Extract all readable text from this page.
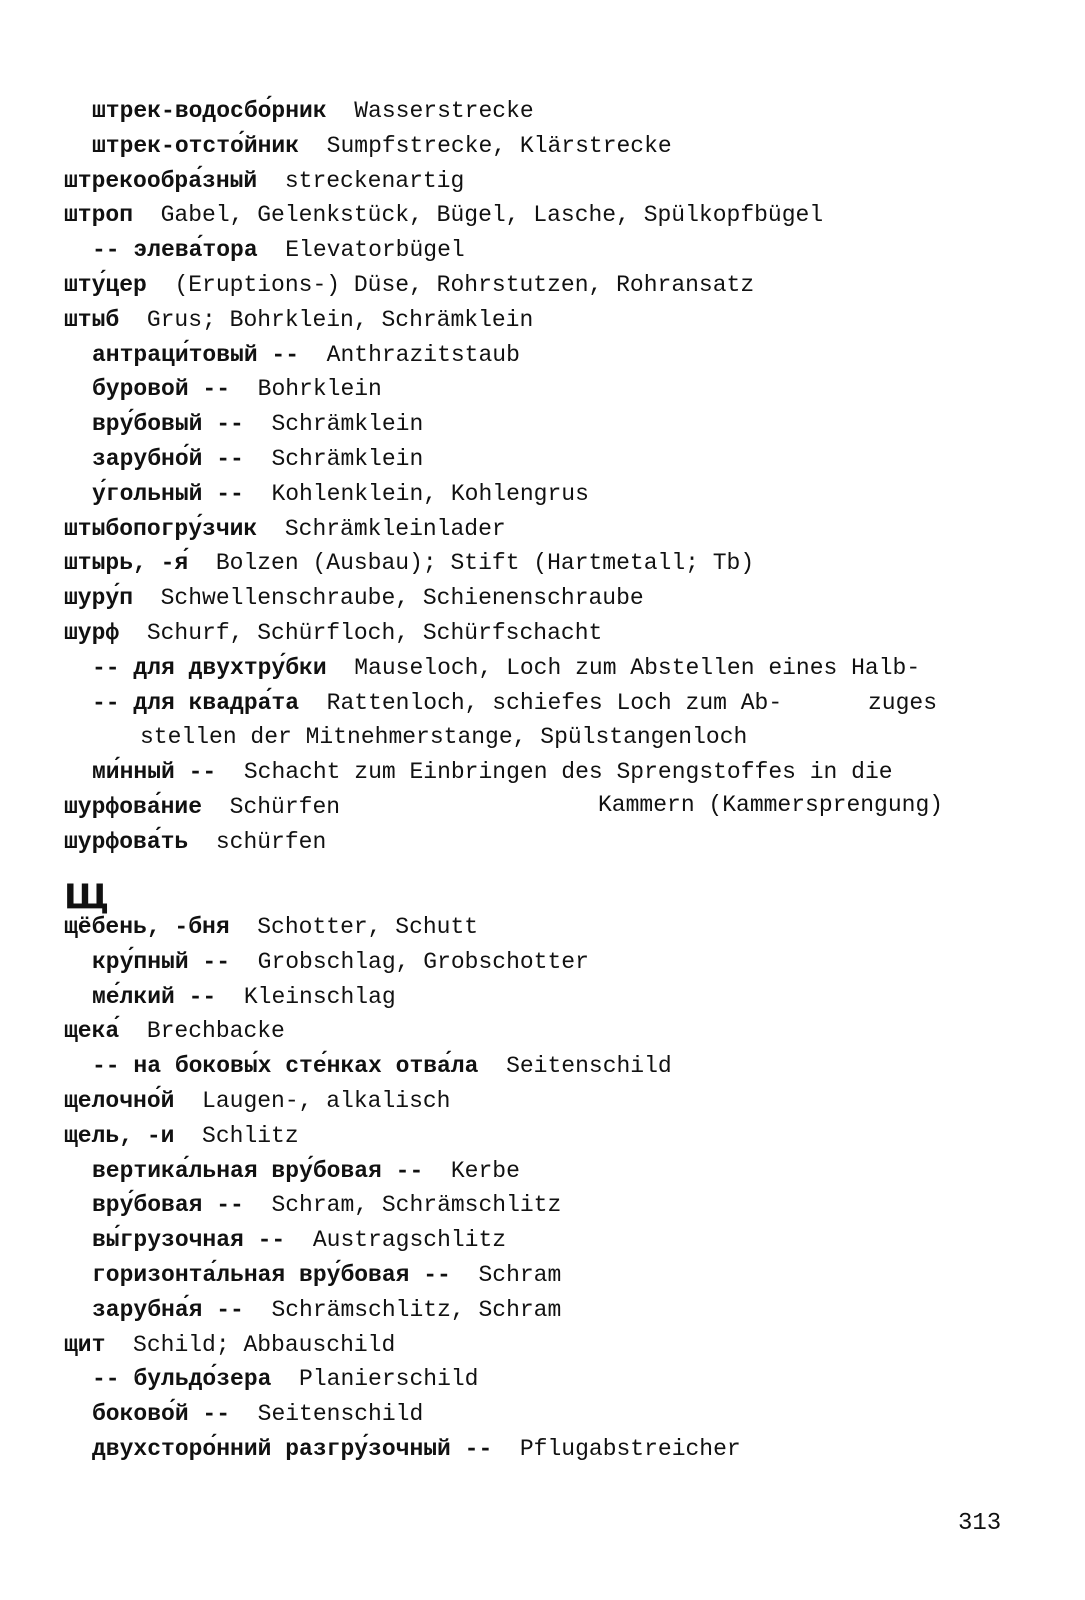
штрек-водосбо́рник Wasserstrecke
штрек-отсто́йник Sumpfstrecke, Klärstrecke
штрекообра́зный streckenartig
штроп Gabel, Gelenkstück, Bügel, Lasche, Spülkopfbügel
-- элева́тора Elevatorbügel
шту́цер (Eruptions-) Düse, Rohrstutzen, Rohransatz
штыб Grus; Bohrklein, Schrämklein
антраци́товый -- Anthrazitstaub
буровой -- Bohrklein
вру́бовый -- Schrämklein
зарубно́й -- Schrämklein
у́гольный -- Kohlenklein, Kohlengrus
штыбопогру́зчик Schrämkleinlader
штырь, -я́ Bolzen (Ausbau); Stift (Hartmetall; Tb)
шуру́п Schwellenschraube, Schienenschraube
шурф Schurf, Schürfloch, Schürfschacht
-- для двухтру́бки Mauseloch, Loch zum Abstellen eines Halb-
-- для квадра́та Rattenloch, schiefes Loch zum Ab-
stellen der Mitnehmerstange, Spülstangenloch
ми́нный -- Schacht zum Einbringen des Sprengstoffes in die
шурфова́ние Schürfen
шурфова́ть schürfen
zuges
Kammern (Kammersprengung)
Щ
щёбень, -бня Schotter, Schutt
кру́пный -- Grobschlag, Grobschotter
ме́лкий -- Kleinschlag
щека́ Brechbacke
-- на боковы́х сте́нках отва́ла Seitenschild
щелочно́й Laugen-, alkalisch
щель, -и Schlitz
вертика́льная вру́бовая -- Kerbe
вру́бовая -- Schram, Schrämschlitz
вы́грузочная -- Austragschlitz
горизонта́льная вру́бовая -- Schram
зарубна́я -- Schrämschlitz, Schram
щит Schild; Abbauschild
-- бульдо́зера Planierschild
боково́й -- Seitenschild
двухсторо́нний разгру́зочный -- Pflugabstreicher
313
